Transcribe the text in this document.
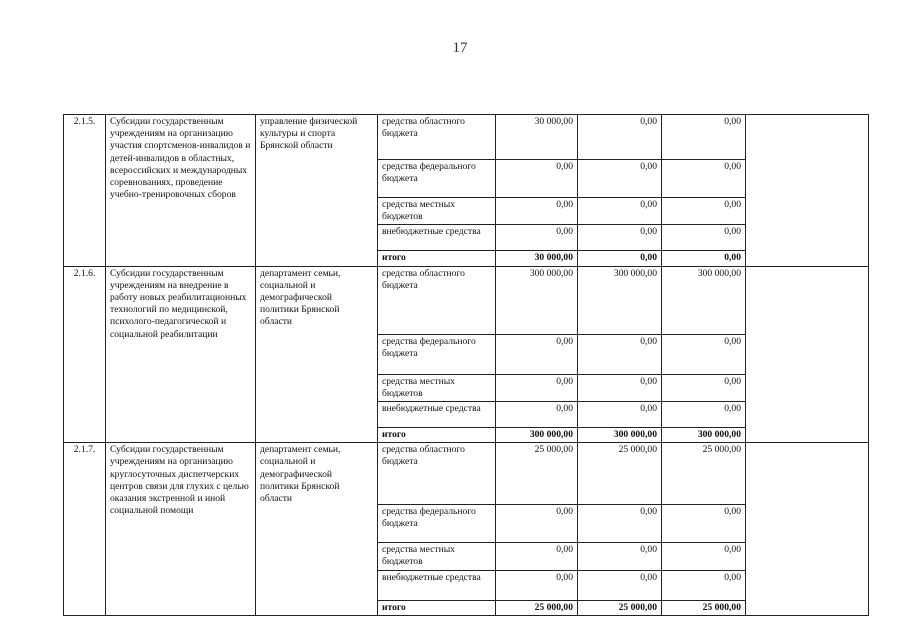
17
2.1.5.	Субсидии государственным учреждениям на организацию участия спортсменов-инвалидов и детей-инвалидов в областных, всероссийских и международных соревнованиях, проведение учебно-тренировочных сборов	управление физической культуры и спорта Брянской области	средства областного бюджета	30 000,00	0,00	0,00	
			средства федерального бюджета	0,00	0,00	0,00	
			средства местных бюджетов	0,00	0,00	0,00	
			внебюджетные средства	0,00	0,00	0,00	
			итого	30 000,00	0,00	0,00	
2.1.6.	Субсидии государственным учреждениям на внедрение в работу новых реабилитационных технологий по медицинской, психолого-педагогической и социальной реабилитации	департамент семьи, социальной и демографической политики Брянской области	средства областного бюджета	300 000,00	300 000,00	300 000,00	
			средства федерального бюджета	0,00	0,00	0,00	
			средства местных бюджетов	0,00	0,00	0,00	
			внебюджетные средства	0,00	0,00	0,00	
			итого	300 000,00	300 000,00	300 000,00	
2.1.7.	Субсидии государственным учреждениям на организацию круглосуточных диспетчерских центров связи для глухих с целью оказания экстренной и иной социальной помощи	департамент семьи, социальной и демографической политики Брянской области	средства областного бюджета	25 000,00	25 000,00	25 000,00	
			средства федерального бюджета	0,00	0,00	0,00	
			средства местных бюджетов	0,00	0,00	0,00	
			внебюджетные средства	0,00	0,00	0,00	
			итого	25 000,00	25 000,00	25 000,00	
